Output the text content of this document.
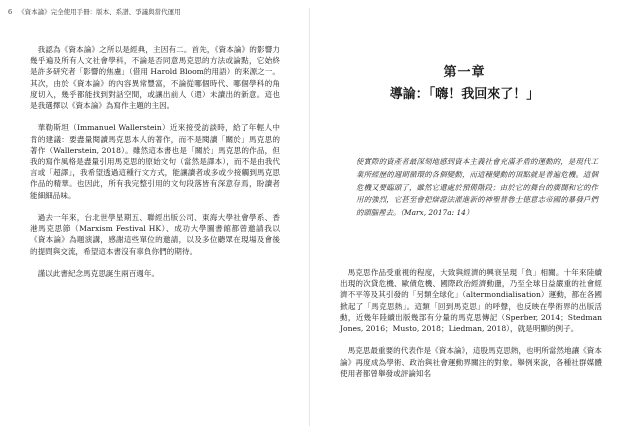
6 《資本論》完全使用手冊：版本、系譜、爭議與當代運用

我認為《資本論》之所以是經典，主因有二。首先，《資本論》的影響力幾乎遍及所有人文社會學科，不論是否同意馬克思的方法或論點，它始終是許多研究者「影響的焦慮」（借用 Harold Bloom的用語）的來源之一。其次，由於《資本論》的內容異常豐富，不論從哪個時代、哪個學科的角度切入，幾乎都能找到對話空間，或讓出前人（還）未讀出的新意。這也是我選擇以《資本論》為寫作主題的主因。

華勒斯坦（Immanuel Wallerstein）近來接受訪談時，給了年輕人中肯的建議：要盡量閱讀馬克思本人的著作，而不是閱讀「關於」馬克思的著作（Wallerstein, 2018）。雖然這本書也是「關於」馬克思的作品，但我的寫作風格是盡量引用馬克思的原始文句（當然是譯本），而不是由我代言或「超譯」，我希望透過這種行文方式，能讓讀者或多或少接觸到馬克思作品的精華。也因此，所有我完整引用的文句段落皆有深意存焉，盼讀者能細細品味。

過去一年來，台北世學星期五、聯經出版公司、東海大學社會學系、香港馬克思節（Marxism Festival HK）、成功大學圖書館都曾邀請我以《資本論》為題演講，感謝這些單位的邀請，以及多位聽眾在現場及會後的提問與交流，希望這本書沒有辜負你們的期待。

謹以此書紀念馬克思誕生兩百週年。

第一章
導論：「嗨！我回來了！」

使實際的資產者最深刻地感到資本主義社會充滿矛盾的運動的，是現代工業所經歷的週期循環的各個變動，而這種變動的頂點就是普遍危機。這個危機又要臨頭了，雖然它還處於預備階段；由於它的舞台的廣闊和它的作用的強烈，它甚至會把辯證法灌進新的神聖普魯士德意志帝國的暴發戶們的頭腦裡去。（Marx, 2017a: 14）

馬克思作品受重視的程度，大致與經濟的興衰呈現「負」相關。十年來陸續出現的次貸危機、歐債危機、國際政治經濟動盪，乃至全球日益嚴重的社會經濟不平等及其引發的「另類全球化」（altermondialisation）運動，都在各國掀起了「馬克思熱」。這類「回到馬克思」的呼聲，也反映在學術界的出版活動，近幾年陸續出版幾部有分量的馬克思傳記（Sperber, 2014；Stedman Jones, 2016；Musto, 2018；Liedman, 2018），就是明顯的例子。

馬克思最重要的代表作是《資本論》，這股馬克思熱，也明所當然地讓《資本論》再度成為學術、政治與社會運動界關注的對象。舉例來說，各種社群媒體使用者都曾舉發或評論知名
